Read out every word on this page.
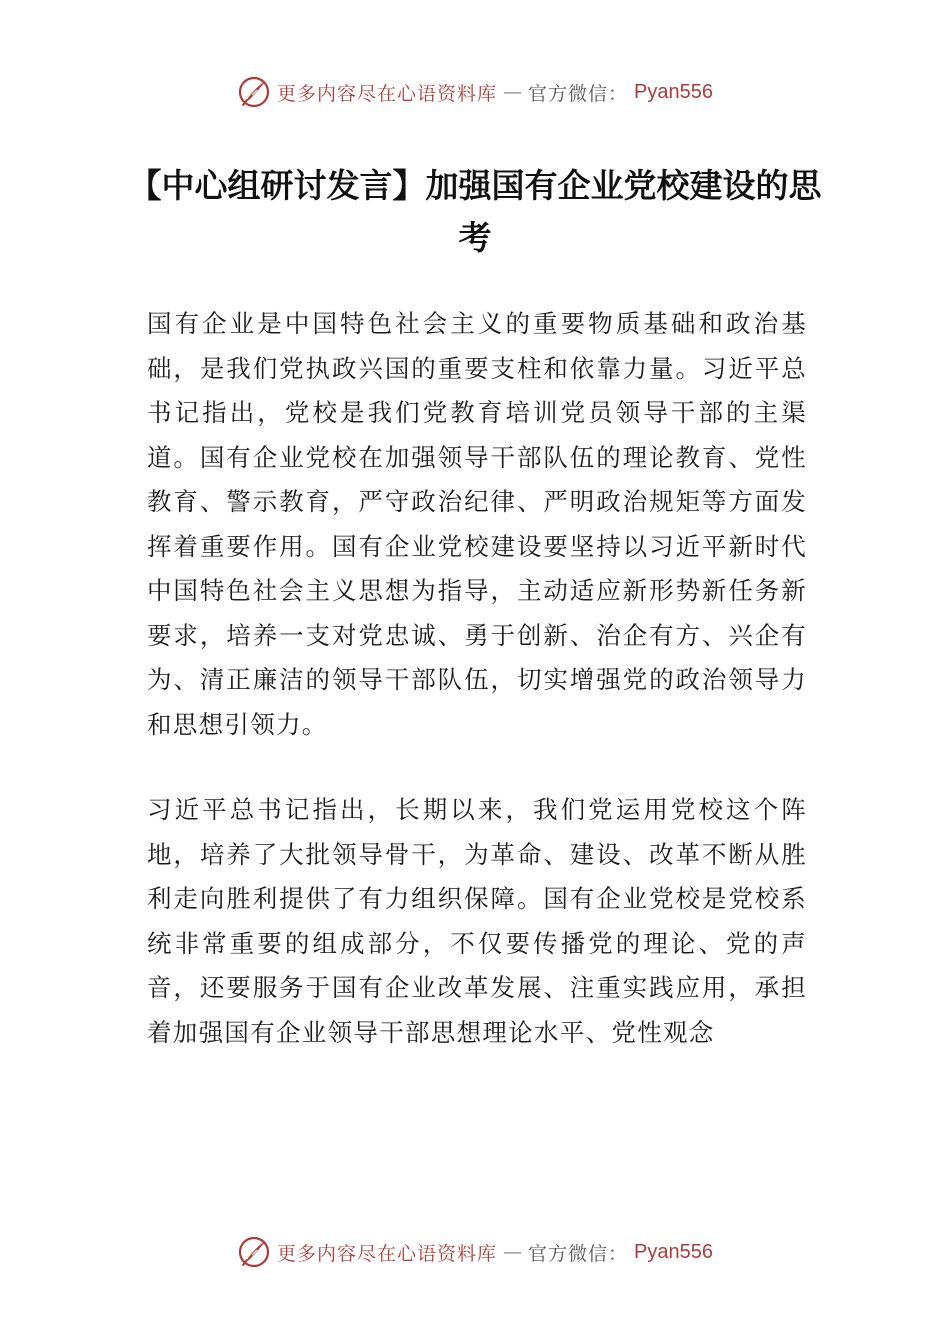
更多内容尽在心语资料库 — 官方微信： Pyan556
【中心组研讨发言】加强国有企业党校建设的思考

国有企业是中国特色社会主义的重要物质基础和政治基础，是我们党执政兴国的重要支柱和依靠力量。习近平总书记指出，党校是我们党教育培训党员领导干部的主渠道。国有企业党校在加强领导干部队伍的理论教育、党性教育、警示教育，严守政治纪律、严明政治规矩等方面发挥着重要作用。国有企业党校建设要坚持以习近平新时代中国特色社会主义思想为指导，主动适应新形势新任务新要求，培养一支对党忠诚、勇于创新、治企有方、兴企有为、清正廉洁的领导干部队伍，切实增强党的政治领导力和思想引领力。

习近平总书记指出，长期以来，我们党运用党校这个阵地，培养了大批领导骨干，为革命、建设、改革不断从胜利走向胜利提供了有力组织保障。国有企业党校是党校系统非常重要的组成部分，不仅要传播党的理论、党的声音，还要服务于国有企业改革发展、注重实践应用，承担着加强国有企业领导干部思想理论水平、党性观念

更多内容尽在心语资料库 — 官方微信： Pyan556
